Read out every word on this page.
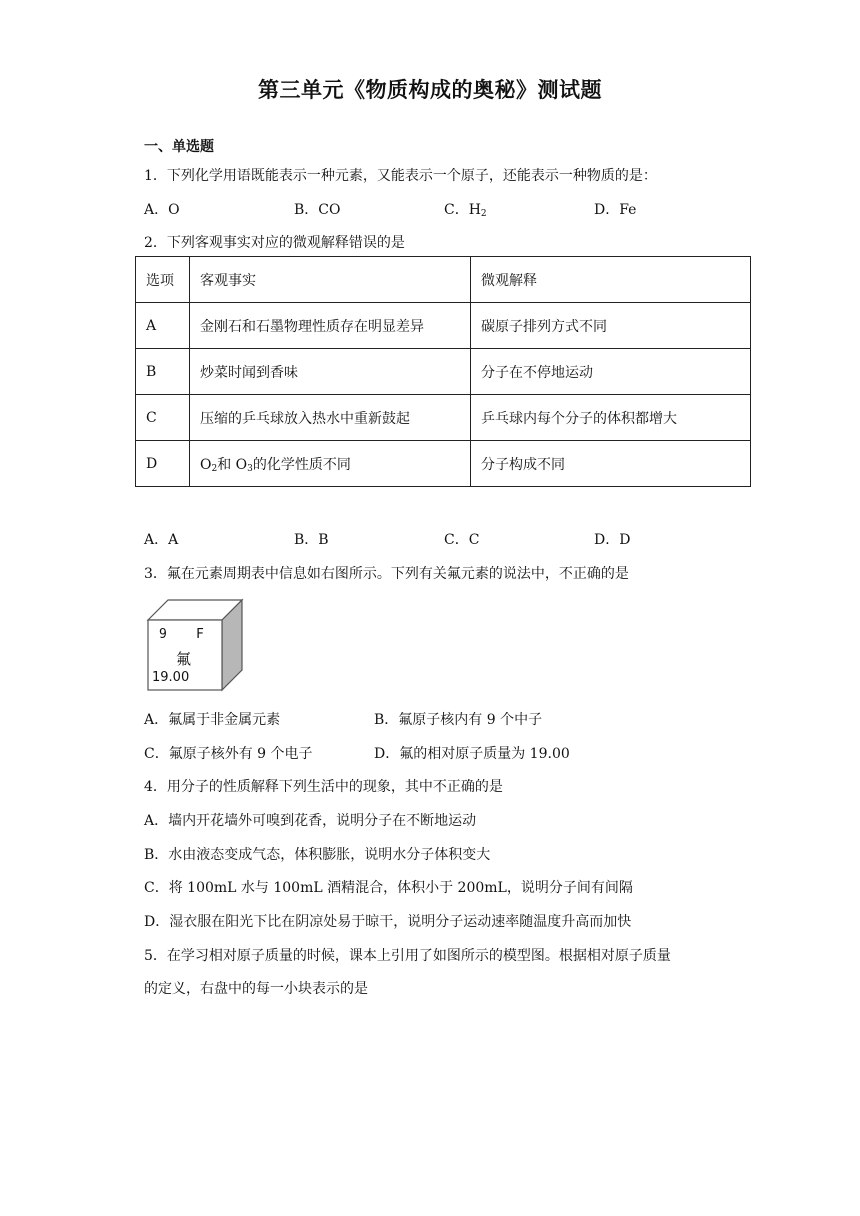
第三单元《物质构成的奥秘》测试题
一、单选题
1．下列化学用语既能表示一种元素，又能表示一个原子，还能表示一种物质的是：
A．O	B．CO	C．$H_2$	D．Fe
2．下列客观事实对应的微观解释错误的是
选项	客观事实	微观解释
A	金刚石和石墨物理性质存在明显差异	碳原子排列方式不同
B	炒菜时闻到香味	分子在不停地运动
C	压缩的乒乓球放入热水中重新鼓起	乒乓球内每个分子的体积都增大
D	$O_2$和 $O_3$的化学性质不同	分子构成不同
A．A	B．B	C．C	D．D
3．氟在元素周期表中信息如右图所示。下列有关氟元素的说法中，不正确的是
9 F
氟
19.00
A．氟属于非金属元素	B．氟原子核内有 9 个中子
C．氟原子核外有 9 个电子	D．氟的相对原子质量为 19.00
4．用分子的性质解释下列生活中的现象，其中不正确的是
A．墙内开花墙外可嗅到花香，说明分子在不断地运动
B．水由液态变成气态，体积膨胀，说明水分子体积变大
C．将 100mL 水与 100mL 酒精混合，体积小于 200mL，说明分子间有间隔
D．湿衣服在阳光下比在阴凉处易于晾干，说明分子运动速率随温度升高而加快
5．在学习相对原子质量的时候，课本上引用了如图所示的模型图。根据相对原子质量
的定义，右盘中的每一小块表示的是
